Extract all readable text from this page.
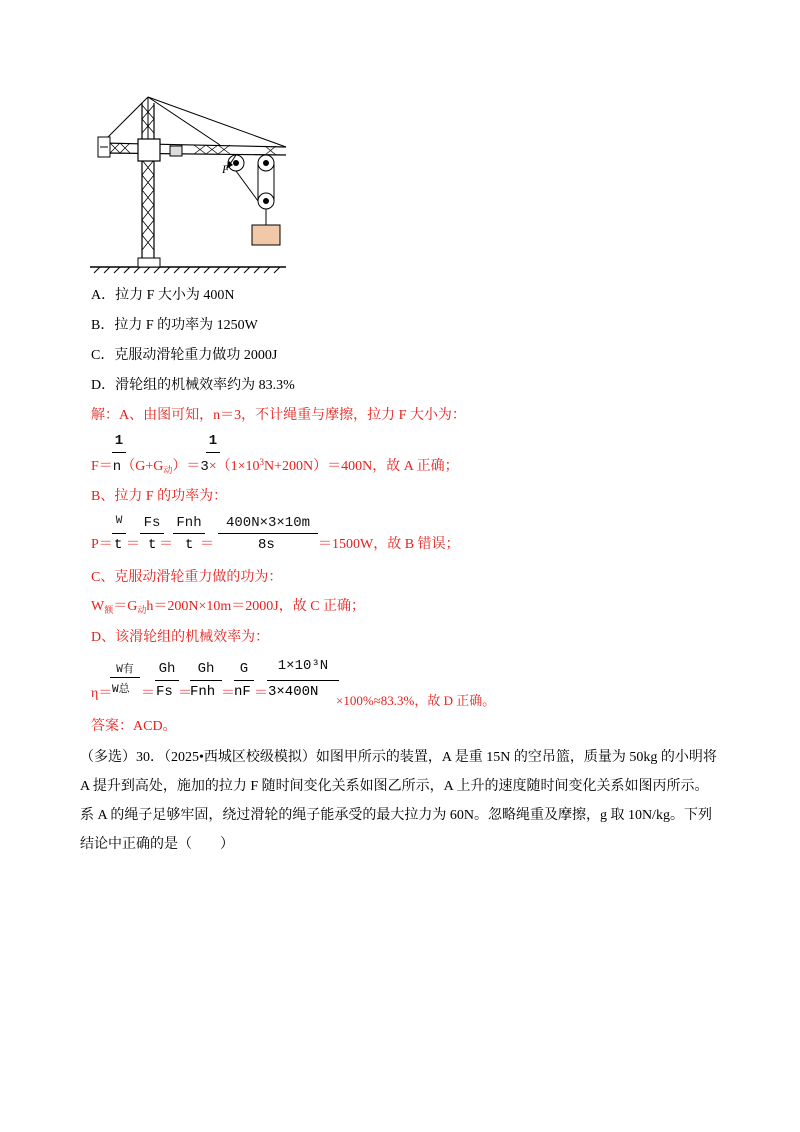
F
A．拉力 F 大小为 400N
B．拉力 F 的功率为 1250W
C．克服动滑轮重力做功 2000J
D．滑轮组的机械效率约为 83.3%
解：A、由图可知，n＝3，不计绳重与摩擦，拉力 F 大小为：
1	1
$F=n(G+G_动)=3\times(1\times 10^3N+200N)=400N$，故 A 正确；
B、拉力 F 的功率为：
W Fs Fnh	400N×3×10m
P＝ t ＝ t ＝ t ＝	8s	＝1500W，故 B 错误；
C、克服动滑轮重力做的功为：
$W_额=G_动h=200N\times 10m=2000J$，故 C 正确；
D、该滑轮组的机械效率为：
W有	Gh	Gh	G	1×10³N
η＝ W总 ＝ Fs ＝
Fnh ＝ nF ＝ 3×400N
×100%≈83.3%，故 D 正确。
答案：ACD。
（多选）30．（2025•西城区校级模拟）如图甲所示的装置，A 是重 15N 的空吊篮，质量为 50kg 的小明将
A 提升到高处，施加的拉力 F 随时间变化关系如图乙所示，A 上升的速度随时间变化关系如图丙所示。
系 A 的绳子足够牢固，绕过滑轮的绳子能承受的最大拉力为 60N。忽略绳重及摩擦，g 取 10N/kg。下列
结论中正确的是（　　）
